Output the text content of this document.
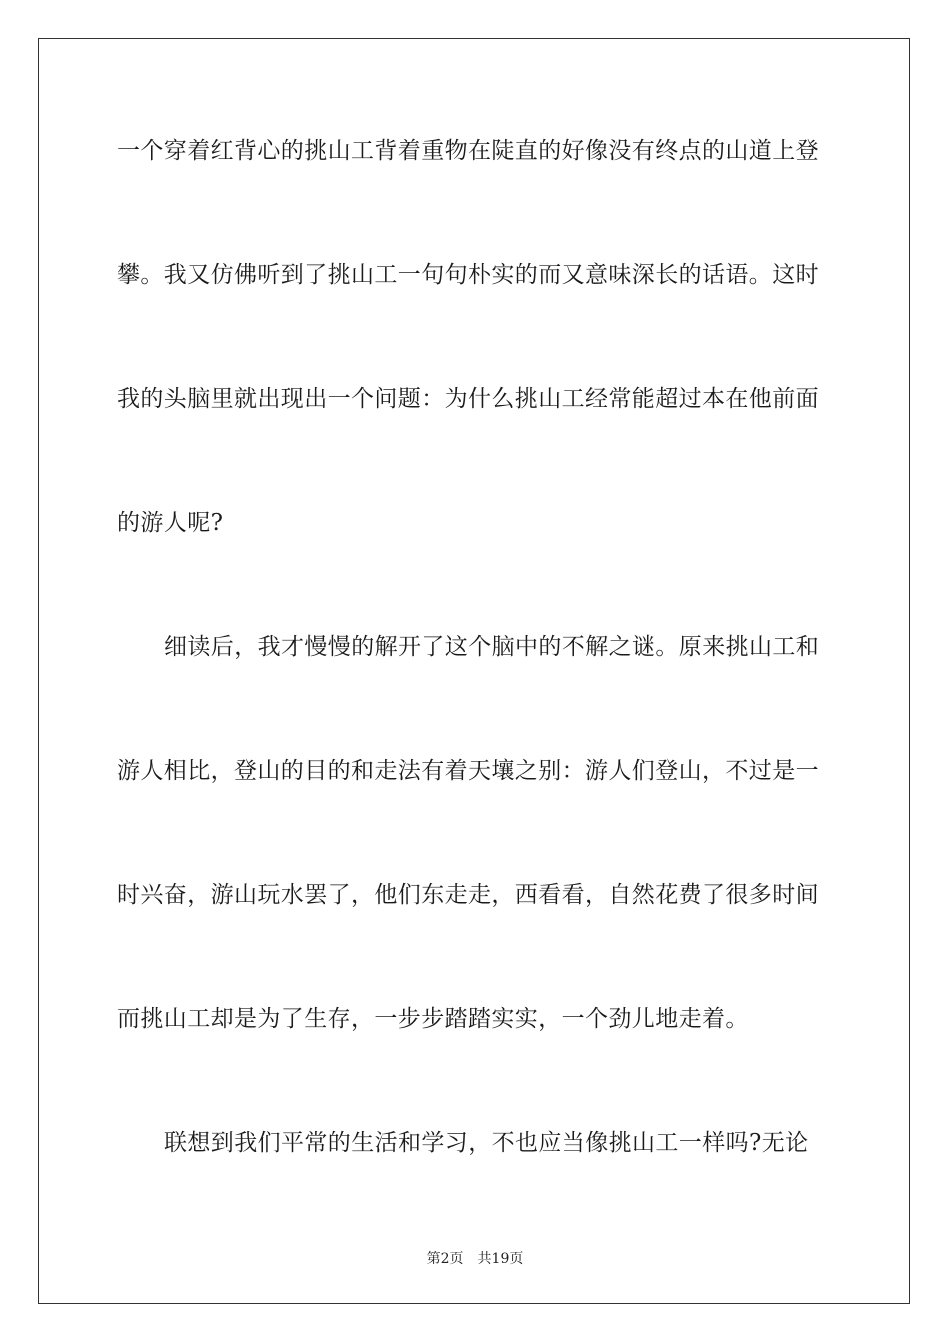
一个穿着红背心的挑山工背着重物在陡直的好像没有终点的山道上登
攀。我又仿佛听到了挑山工一句句朴实的而又意味深长的话语。这时
我的头脑里就出现出一个问题：为什么挑山工经常能超过本在他前面
的游人呢?
细读后，我才慢慢的解开了这个脑中的不解之谜。原来挑山工和
游人相比，登山的目的和走法有着天壤之别：游人们登山，不过是一
时兴奋，游山玩水罢了，他们东走走，西看看，自然花费了很多时间
而挑山工却是为了生存，一步步踏踏实实，一个劲儿地走着。
联想到我们平常的生活和学习，不也应当像挑山工一样吗?无论
第2页 共19页
